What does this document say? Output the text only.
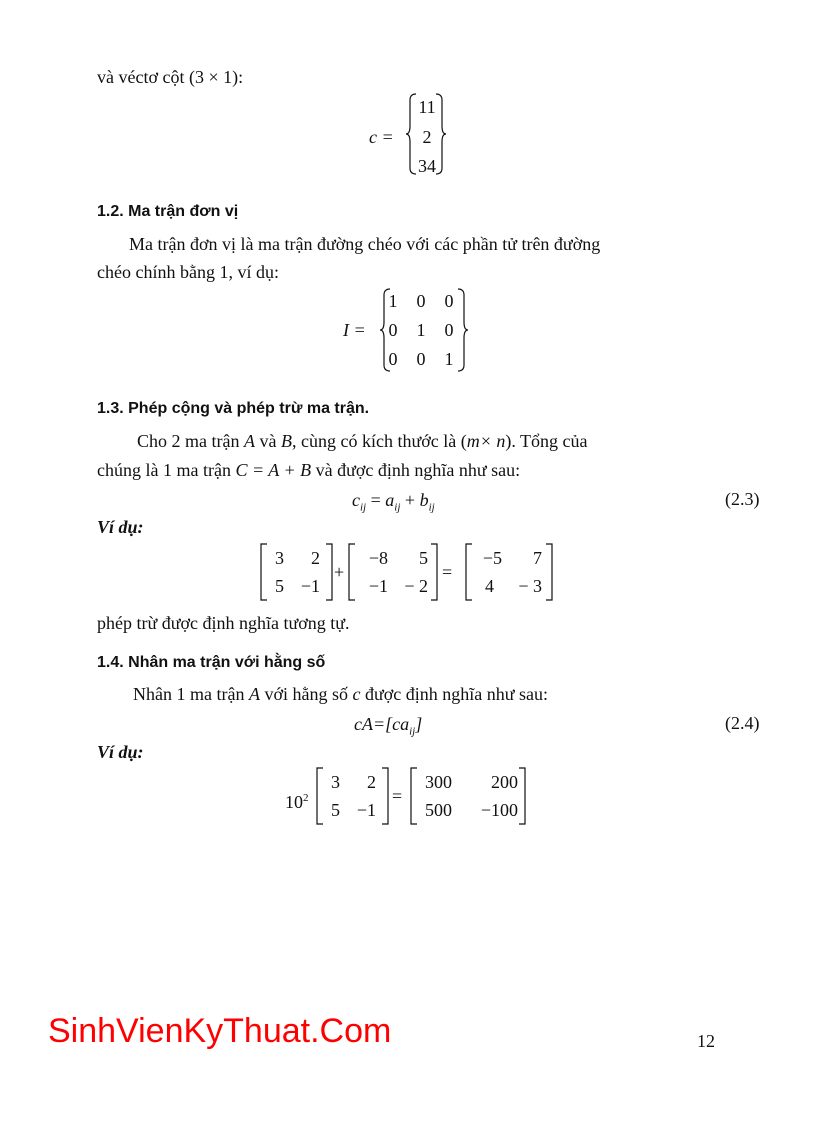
và véctơ cột (3 × 1):
c =
11
2
34
1.2. Ma trận đơn vị
Ma trận đơn vị là ma trận đường chéo với các phần tử trên đường
chéo chính bằng 1, ví dụ:
I =
1 0 0
0 1 0
0 0 1
1.3. Phép cộng và phép trừ ma trận.
Cho 2 ma trận A và B, cùng có kích thước là (m× n). Tổng của
chúng là 1 ma trận C = A + B và được định nghĩa như sau:
$c_{ij} = a_{ij} + b_{ij}$	(2.3)
Ví dụ:
3	2
5 −1
+
−8	5
−1 − 2
=
−5	7
4	− 3
phép trừ được định nghĩa tương tự.
1.4. Nhân ma trận với hằng số
Nhân 1 ma trận A với hằng số c được định nghĩa như sau:
$cA=[ca_{ij}]$	(2.4)
Ví dụ:
$10^2$
3	2
5 −1
=
300	200
500	−100
SinhVienKyThuat.Com	12
